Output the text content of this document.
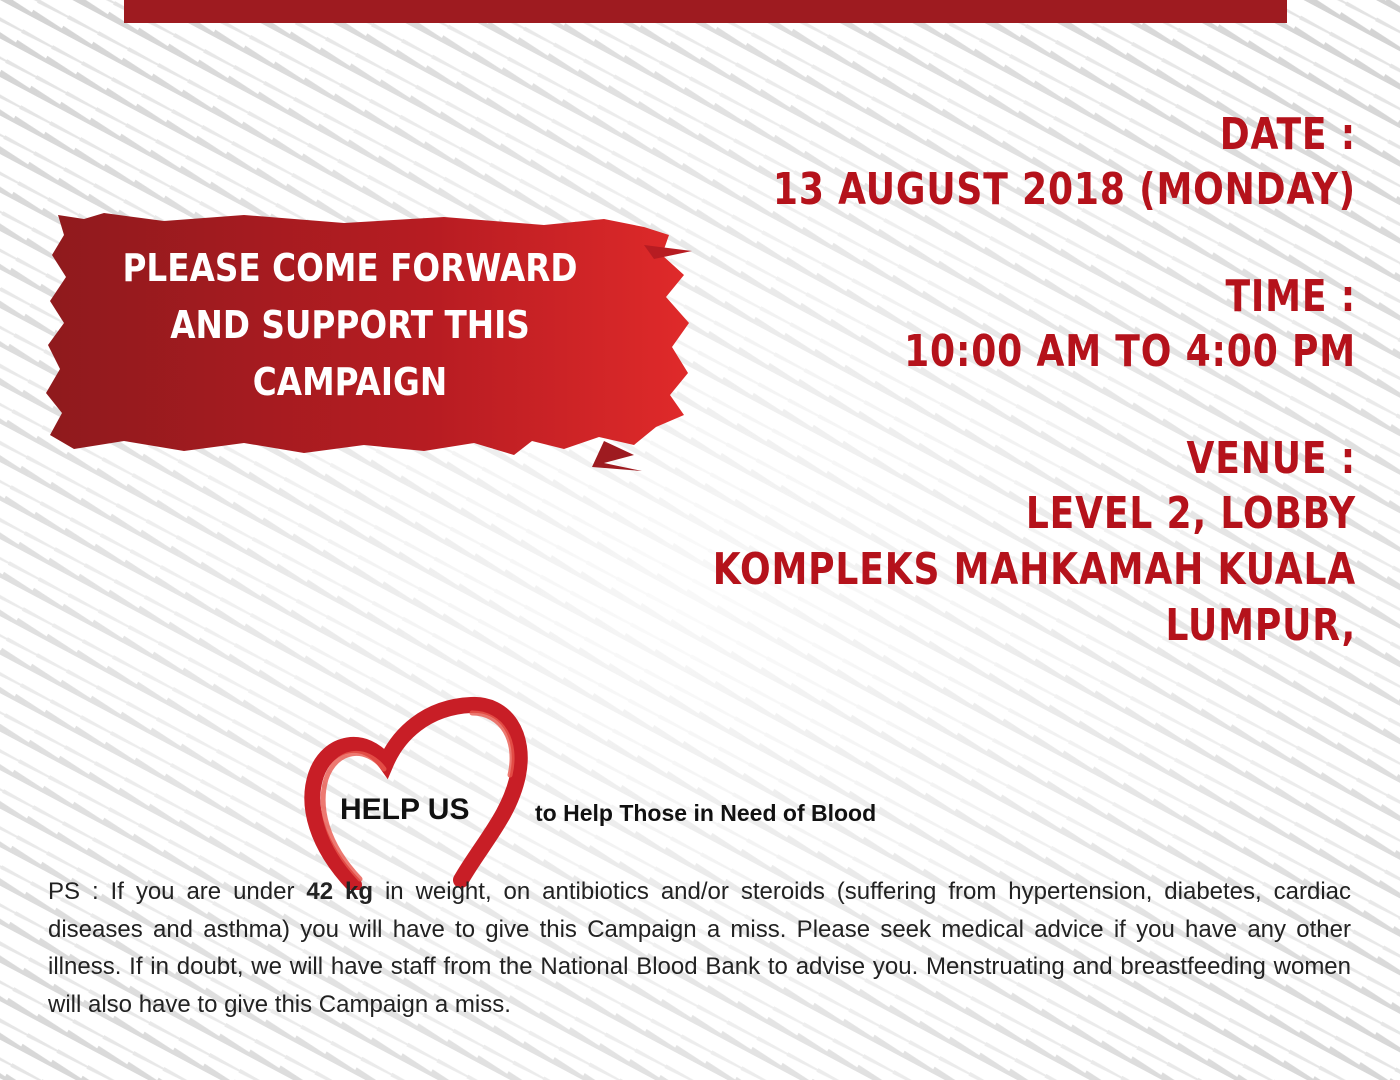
DATE :
13 AUGUST 2018 (MONDAY)
TIME :
10:00 AM TO 4:00 PM
VENUE :
LEVEL 2, LOBBY
KOMPLEKS MAHKAMAH KUALA LUMPUR,
PLEASE COME FORWARD
AND SUPPORT THIS
CAMPAIGN
HELP US	to Help Those in Need of Blood

PS : If you are under 42 kg in weight, on antibiotics and/or steroids (suffering from hypertension, diabetes, cardiac diseases and asthma) you will have to give this Campaign a miss. Please seek medical advice if you have any other illness. If in doubt, we will have staff from the National Blood Bank to advise you. Menstruating and breastfeeding women will also have to give this Campaign a miss.
